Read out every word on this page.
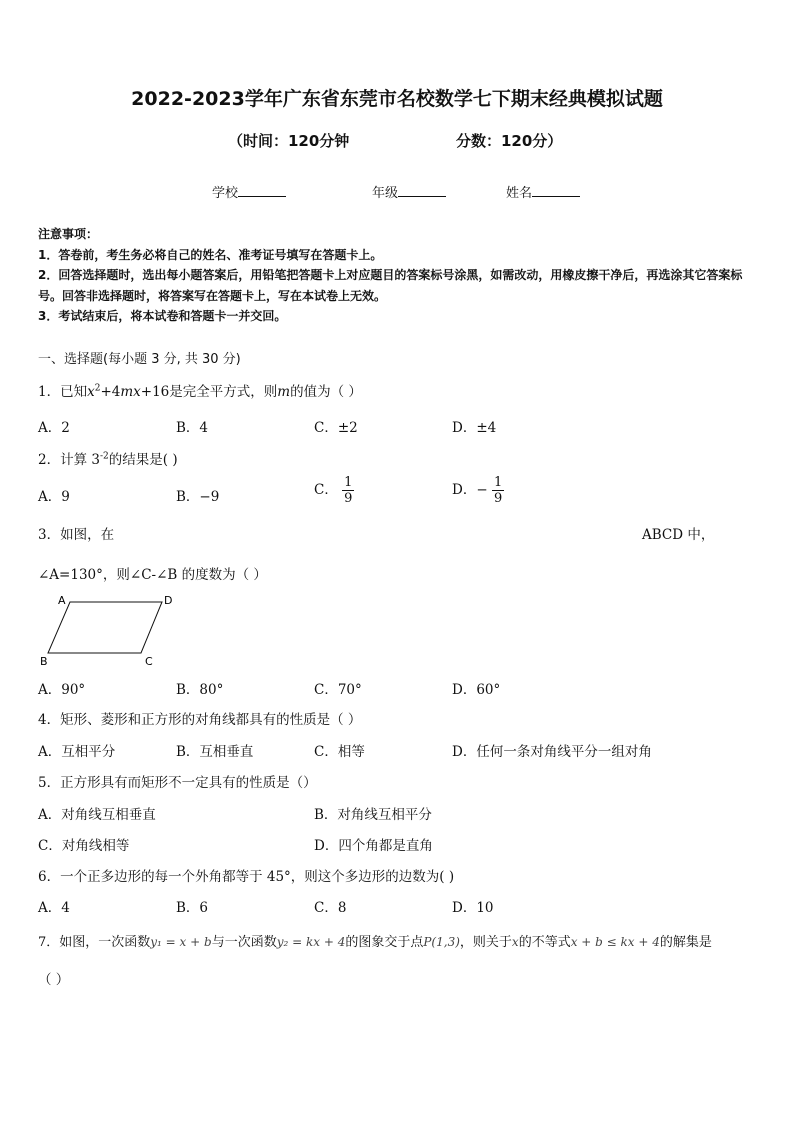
2022-2023学年广东省东莞市名校数学七下期末经典模拟试题
（时间：120分钟	分数：120分）
学校	年级	姓名

注意事项：

1．答卷前，考生务必将自己的姓名、准考证号填写在答题卡上。

2．回答选择题时，选出每小题答案后，用铅笔把答题卡上对应题目的答案标号涂黑，如需改动，用橡皮擦干净后，再选涂其它答案标号。回答非选择题时，将答案写在答题卡上，写在本试卷上无效。

3．考试结束后，将本试卷和答题卡一并交回。

一、选择题(每小题 3 分, 共 30 分)
1．已知$x^2+4mx+16$是完全平方式，则m的值为（ ）
A．2	B．4	C．±2	D．±4
2．计算 $3^{-2}$的结果是( )
A．9	B．−9	C． $\frac{1}{9}$	D．− $\frac{1}{9}$
3．如图，在	ABCD 中，
∠A=130°，则∠C-∠B 的度数为（ ）
A	D
B	C
A．90°	B．80°	C．70°	D．60°
4．矩形、菱形和正方形的对角线都具有的性质是（ ）
A．互相平分	B．互相垂直	C．相等	D．任何一条对角线平分一组对角
5．正方形具有而矩形不一定具有的性质是（）
A．对角线互相垂直	B．对角线互相平分
C．对角线相等	D．四个角都是直角
6．一个正多边形的每一个外角都等于 45°，则这个多边形的边数为( )
A．4	B．6	C．8	D．10
7．如图，一次函数y₁ = x + b与一次函数y₂ = kx + 4的图象交于点P(1,3)，则关于x的不等式x + b ≤ kx + 4的解集是
（ ）
